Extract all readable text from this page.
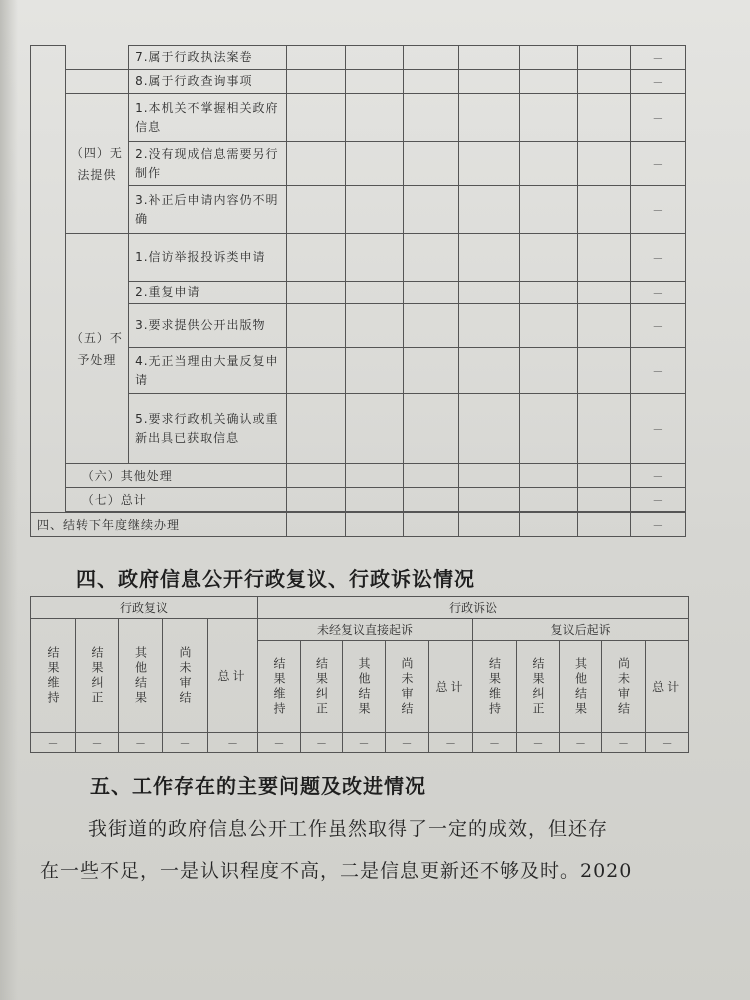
		7.属于行政执法案卷							－
		8.属于行政查询事项							－
	（四）无法提供	1.本机关不掌握相关政府信息							－
		2.没有现成信息需要另行制作							－
		3.补正后申请内容仍不明确							－
	（五）不予处理	1.信访举报投诉类申请							－
		2.重复申请							－
		3.要求提供公开出版物							－
		4.无正当理由大量反复申请							－
		5.要求行政机关确认或重新出具已获取信息							－
	（六）其他处理								－
	（七）总计								－

四、结转下年度继续办理									－
四、政府信息公开行政复议、行政诉讼情况
行政复议					行政诉讼									
结果维持	结果纠正	其他结果	尚未审结	总计	未经复议直接起诉					复议后起诉				
					结果维持	结果纠正	其他结果	尚未审结	总计	结果维持	结果纠正	其他结果	尚未审结	总计
－	－	－	－	－	－	－	－	－	－	－	－	－	－	－
五、工作存在的主要问题及改进情况

我街道的政府信息公开工作虽然取得了一定的成效，但还存
在一些不足，一是认识程度不高，二是信息更新还不够及时。2020
